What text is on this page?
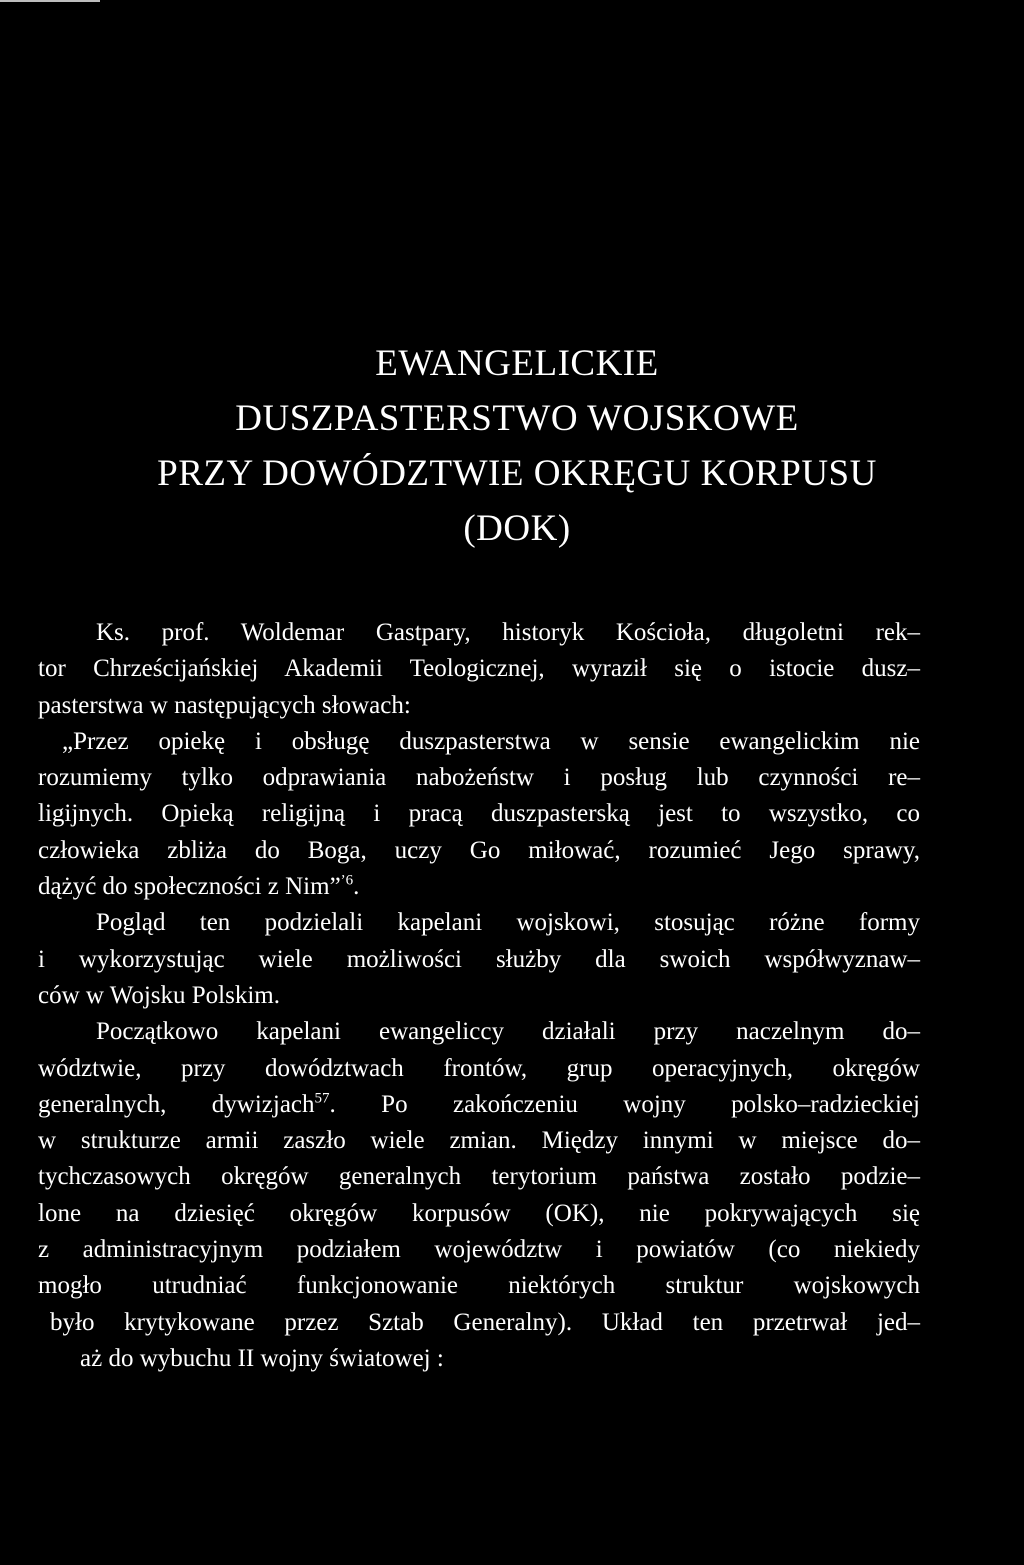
EWANGELICKIE
DUSZPASTERSTWO WOJSKOWE
PRZY DOWÓDZTWIE OKRĘGU KORPUSU
(DOK)
Ks. prof. Woldemar Gastpary, historyk Kościoła, długoletni rek–
tor Chrześcijańskiej Akademii Teologicznej, wyraził się o istocie dusz–
pasterstwa w następujących słowach:
„Przez opiekę i obsługę duszpasterstwa w sensie ewangelickim nie
rozumiemy tylko odprawiania nabożeństw i posług lub czynności re–
ligijnych. Opieką religijną i pracą duszpasterską jest to wszystko, co
człowieka zbliża do Boga, uczy Go miłować, rozumieć Jego sprawy,
dążyć do społeczności z Nim”$^{’6}$.
Pogląd ten podzielali kapelani wojskowi, stosując różne formy
i wykorzystując wiele możliwości służby dla swoich współwyznaw–
ców w Wojsku Polskim.
Początkowo kapelani ewangeliccy działali przy naczelnym do–
wództwie, przy dowództwach frontów, grup operacyjnych, okręgów
generalnych, dywizjach$^{57}$. Po zakończeniu wojny polsko–radzieckiej
w strukturze armii zaszło wiele zmian. Między innymi w miejsce do–
tychczasowych okręgów generalnych terytorium państwa zostało podzie–
lone na dziesięć okręgów korpusów (OK), nie pokrywających się
z administracyjnym podziałem województw i powiatów (co niekiedy
mogło utrudniać funkcjonowanie niektórych struktur wojskowych
było krytykowane przez Sztab Generalny). Układ ten przetrwał jed–
aż do wybuchu II wojny światowej :
